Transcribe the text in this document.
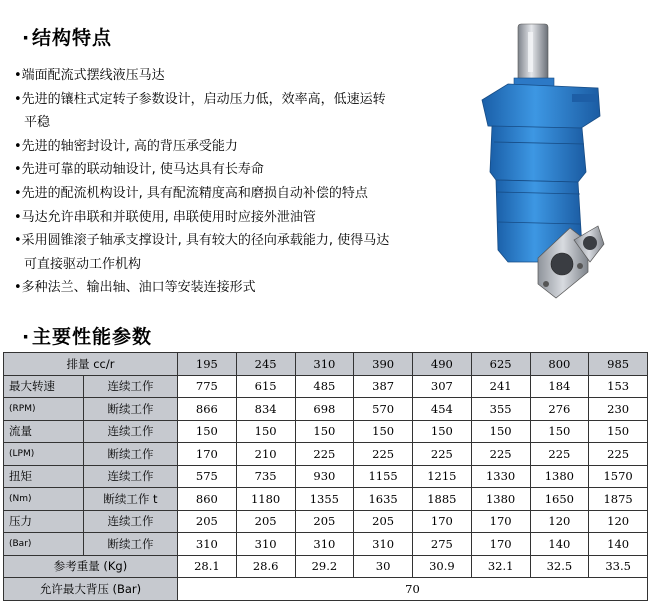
·结构特点
•端面配流式摆线液压马达
•先进的镶柱式定转子参数设计，启动压力低，效率高，低速运转
平稳
•先进的轴密封设计, 高的背压承受能力
•先进可靠的联动轴设计, 使马达具有长寿命
•先进的配流机构设计, 具有配流精度高和磨损自动补偿的特点
•马达允许串联和并联使用, 串联使用时应接外泄油管
•采用圆锥滚子轴承支撑设计, 具有较大的径向承载能力, 使得马达
可直接驱动工作机构
•多种法兰、输出轴、油口等安装连接形式
·主要性能参数
排量 cc/r		195	245	310	390	490	625	800	985
最大转速	连续工作	775	615	485	387	307	241	184	153
(RPM)	断续工作	866	834	698	570	454	355	276	230
流量	连续工作	150	150	150	150	150	150	150	150
(LPM)	断续工作	170	210	225	225	225	225	225	225
扭矩	连续工作	575	735	930	1155	1215	1330	1380	1570
(Nm)	断续工作 t	860	1180	1355	1635	1885	1380	1650	1875
压力	连续工作	205	205	205	205	170	170	120	120
(Bar)	断续工作	310	310	310	310	275	170	140	140
参考重量 (Kg)		28.1	28.6	29.2	30	30.9	32.1	32.5	33.5
允许最大背压 (Bar)		70							
